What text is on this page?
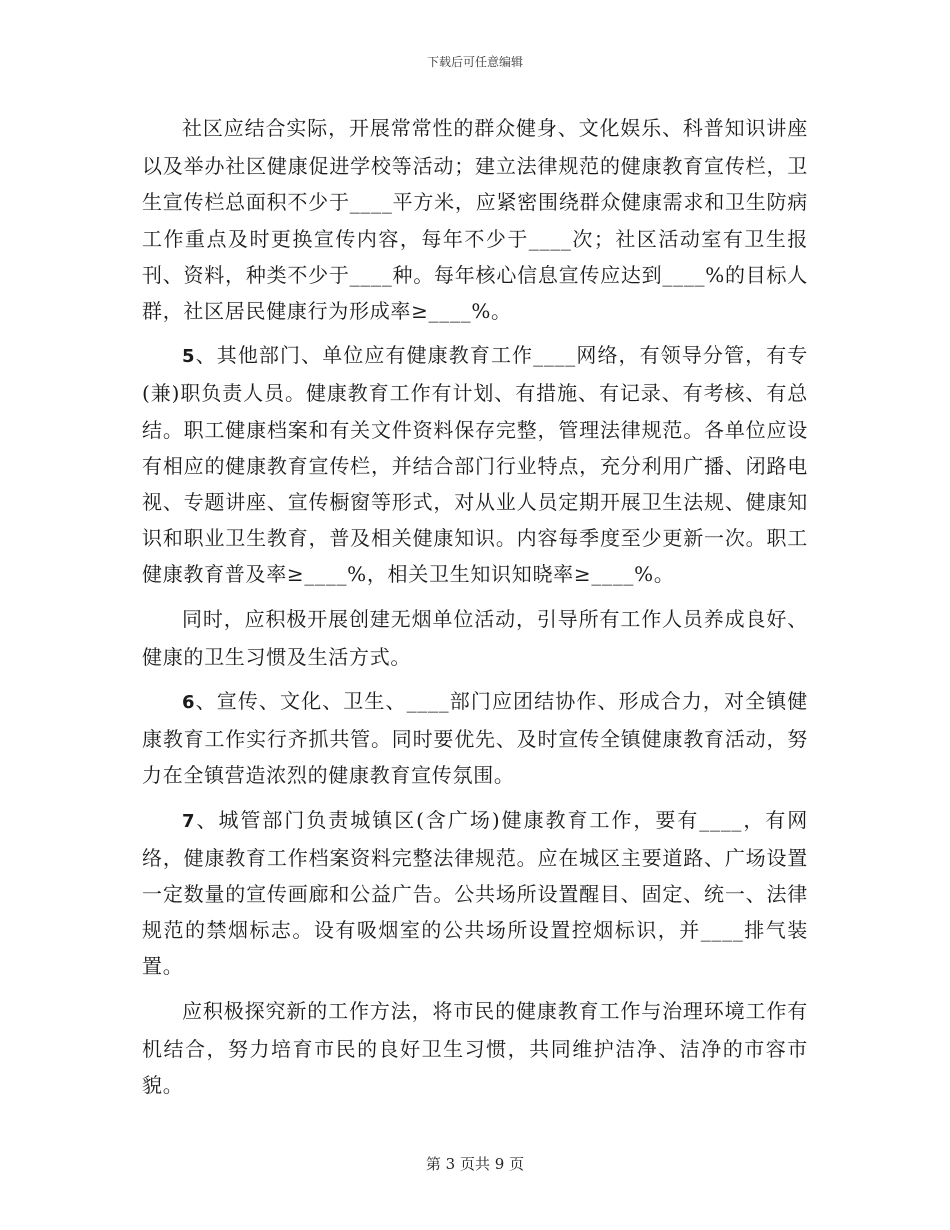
下载后可任意编辑

社区应结合实际，开展常常性的群众健身、文化娱乐、科普知识讲座以及举办社区健康促进学校等活动；建立法律规范的健康教育宣传栏，卫生宣传栏总面积不少于____平方米，应紧密围绕群众健康需求和卫生防病工作重点及时更换宣传内容，每年不少于____次；社区活动室有卫生报刊、资料，种类不少于____种。每年核心信息宣传应达到____%的目标人群，社区居民健康行为形成率≥____%。

5、其他部门、单位应有健康教育工作____网络，有领导分管，有专(兼)职负责人员。健康教育工作有计划、有措施、有记录、有考核、有总结。职工健康档案和有关文件资料保存完整，管理法律规范。各单位应设有相应的健康教育宣传栏，并结合部门行业特点，充分利用广播、闭路电视、专题讲座、宣传橱窗等形式，对从业人员定期开展卫生法规、健康知识和职业卫生教育，普及相关健康知识。内容每季度至少更新一次。职工健康教育普及率≥____%，相关卫生知识知晓率≥____%。

同时，应积极开展创建无烟单位活动，引导所有工作人员养成良好、健康的卫生习惯及生活方式。

6、宣传、文化、卫生、____部门应团结协作、形成合力，对全镇健康教育工作实行齐抓共管。同时要优先、及时宣传全镇健康教育活动，努力在全镇营造浓烈的健康教育宣传氛围。

7、城管部门负责城镇区(含广场)健康教育工作，要有____，有网络，健康教育工作档案资料完整法律规范。应在城区主要道路、广场设置一定数量的宣传画廊和公益广告。公共场所设置醒目、固定、统一、法律规范的禁烟标志。设有吸烟室的公共场所设置控烟标识，并____排气装置。

应积极探究新的工作方法，将市民的健康教育工作与治理环境工作有机结合，努力培育市民的良好卫生习惯，共同维护洁净、洁净的市容市貌。

第 3 页共 9 页
